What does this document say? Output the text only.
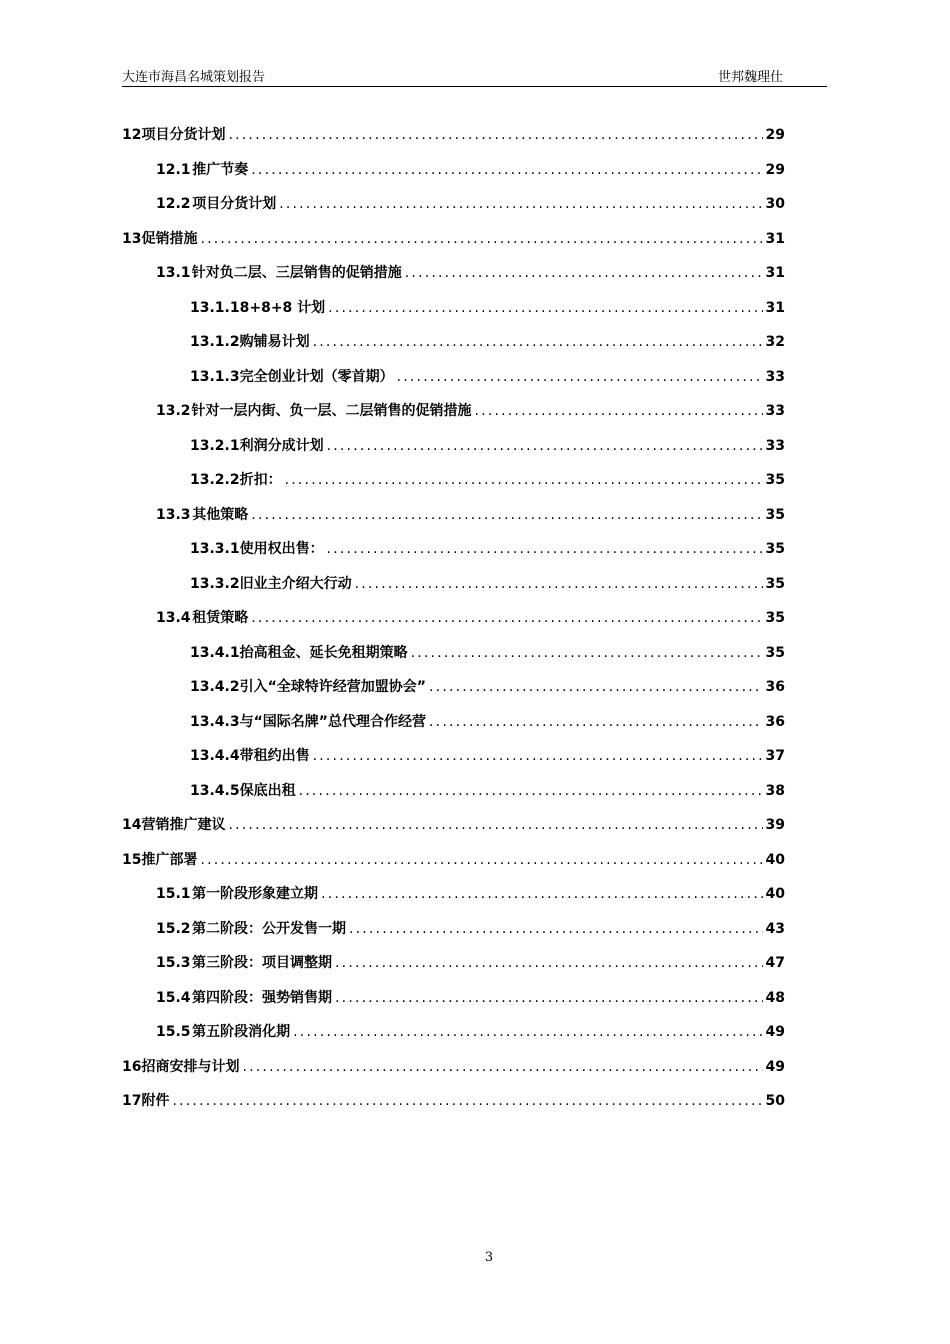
大连市海昌名城策划报告	世邦魏理仕
12 项目分货计划 .....	29
12.1 推广节奏 .....	29
12.2 项目分货计划 .....	30
13 促销措施 .....	31
13.1 针对负二层、三层销售的促销措施 .....	31
13.1.1 8+8+8 计划 .....	31
13.1.2 购铺易计划 .....	32
13.1.3 完全创业计划（零首期） .....	33
13.2 针对一层内街、负一层、二层销售的促销措施 .....	33
13.2.1 利润分成计划 .....	33
13.2.2 折扣： .....	35
13.3 其他策略 .....	35
13.3.1 使用权出售： .....	35
13.3.2 旧业主介绍大行动 .....	35
13.4 租赁策略 .....	35
13.4.1 抬高租金、延长免租期策略 .....	35
13.4.2 引入“全球特许经营加盟协会” .....	36
13.4.3 与“国际名牌”总代理合作经营 .....	36
13.4.4 带租约出售 .....	37
13.4.5 保底出租 .....	38
14 营销推广建议 .....	39
15 推广部署 .....	40
15.1 第一阶段形象建立期 .....	40
15.2 第二阶段：公开发售一期 .....	43
15.3 第三阶段：项目调整期 .....	47
15.4 第四阶段：强势销售期 .....	48
15.5 第五阶段消化期 .....	49
16 招商安排与计划 .....	49
17 附件 .....	50
3
